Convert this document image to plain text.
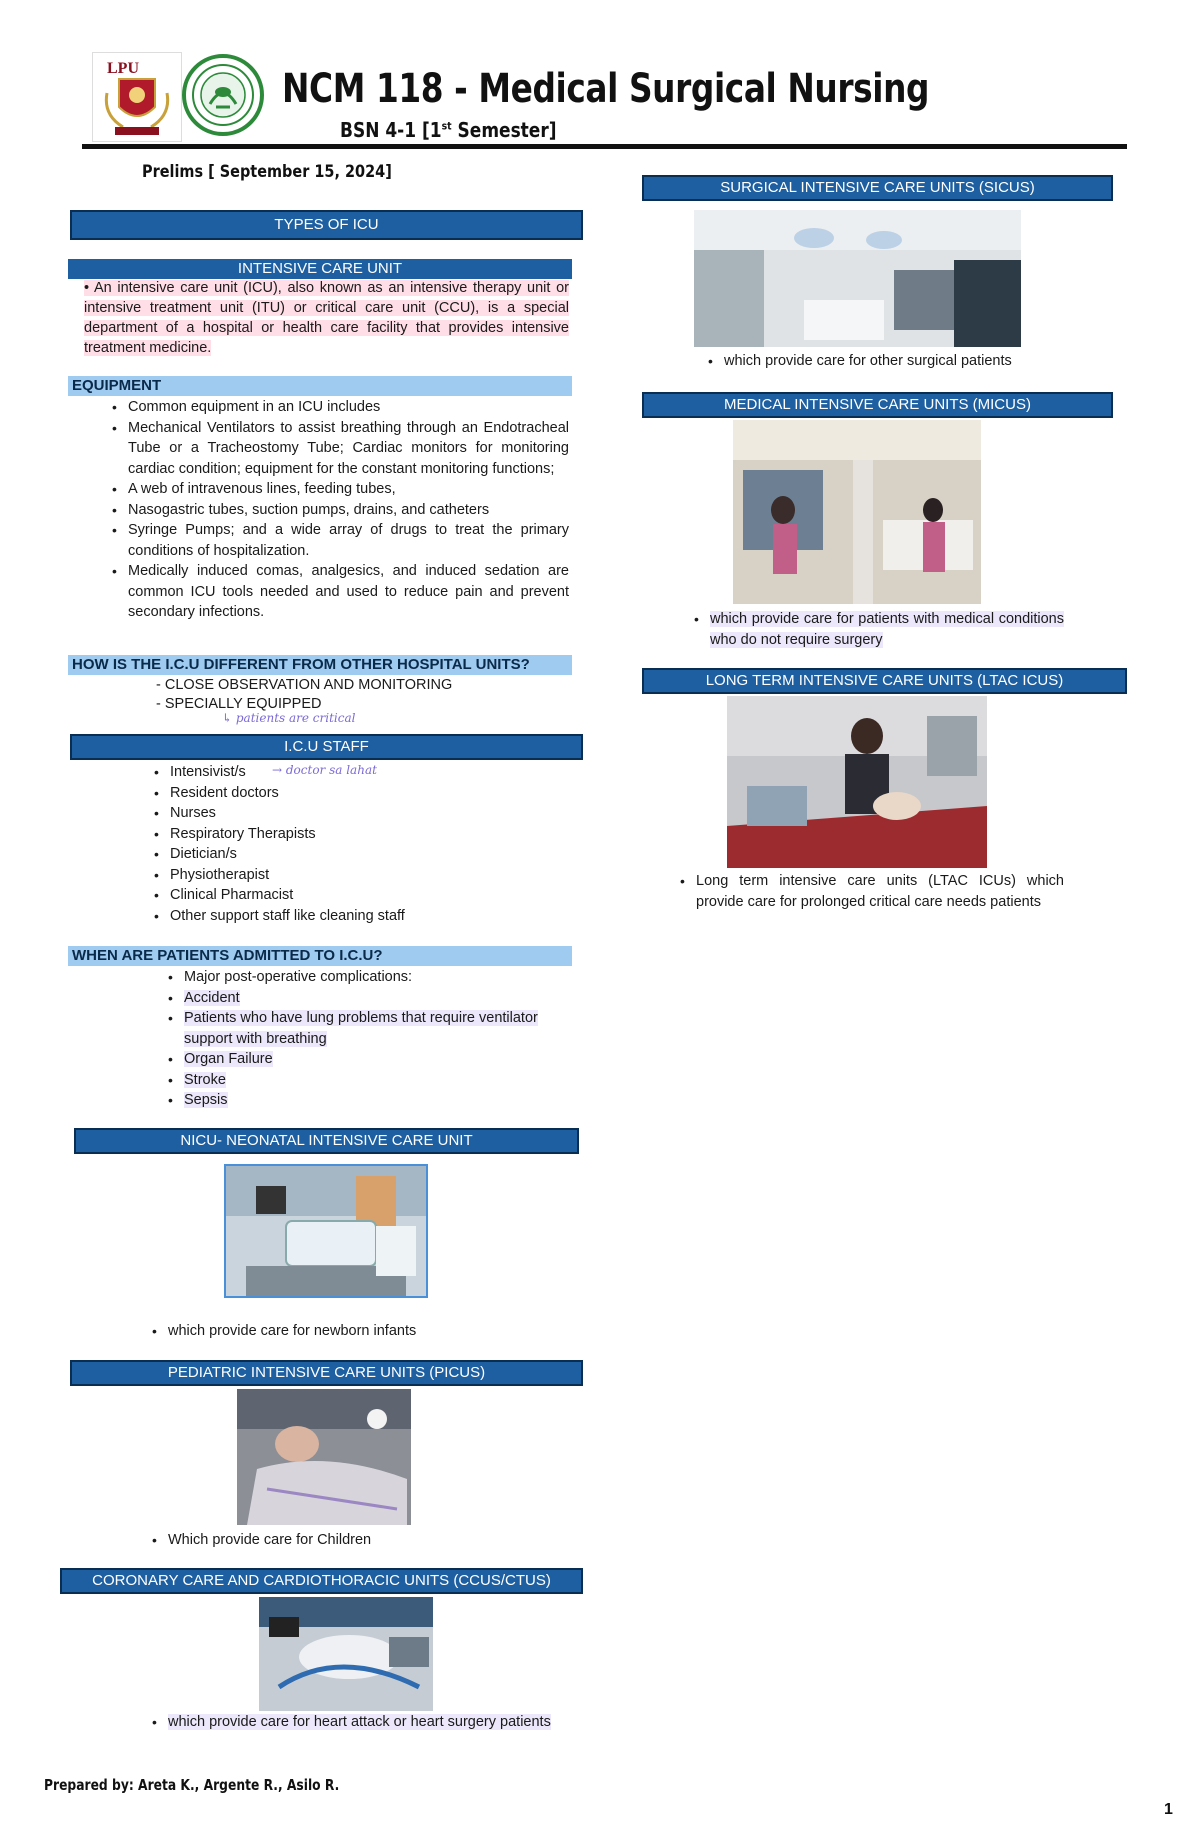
LPU	NCM 118 - Medical Surgical Nursing
BSN 4-1 [1st Semester]
Prelims [ September 15, 2024]
TYPES OF ICU
INTENSIVE CARE UNIT
• An intensive care unit (ICU), also known as an intensive therapy unit or intensive treatment unit (ITU) or critical care unit (CCU), is a special department of a hospital or health care facility that provides intensive treatment medicine.
EQUIPMENT
• Common equipment in an ICU includes
• Mechanical Ventilators to assist breathing through an Endotracheal Tube or a Tracheostomy Tube; Cardiac monitors for monitoring cardiac condition; equipment for the constant monitoring functions;
• A web of intravenous lines, feeding tubes,
• Nasogastric tubes, suction pumps, drains, and catheters
• Syringe Pumps; and a wide array of drugs to treat the primary conditions of hospitalization.
• Medically induced comas, analgesics, and induced sedation are common ICU tools needed and used to reduce pain and prevent secondary infections.
HOW IS THE I.C.U DIFFERENT FROM OTHER HOSPITAL UNITS?
- CLOSE OBSERVATION AND MONITORING
- SPECIALLY EQUIPPED
↳ patients are critical
I.C.U STAFF
• Intensivist/s
• Resident doctors
• Nurses
• Respiratory Therapists
• Dietician/s
• Physiotherapist
• Clinical Pharmacist
• Other support staff like cleaning staff
→ doctor sa lahat
WHEN ARE PATIENTS ADMITTED TO I.C.U?
• Major post-operative complications:
• Accident
• Patients who have lung problems that require ventilator support with breathing
• Organ Failure
• Stroke
• Sepsis
NICU- NEONATAL INTENSIVE CARE UNIT
• which provide care for newborn infants
PEDIATRIC INTENSIVE CARE UNITS (PICUS)
• Which provide care for Children
CORONARY CARE AND CARDIOTHORACIC UNITS (CCUS/CTUS)
• which provide care for heart attack or heart surgery patients
SURGICAL INTENSIVE CARE UNITS (SICUS)
• which provide care for other surgical patients
MEDICAL INTENSIVE CARE UNITS (MICUS)
• which provide care for patients with medical conditions who do not require surgery
LONG TERM INTENSIVE CARE UNITS (LTAC ICUS)
• Long term intensive care units (LTAC ICUs) which provide care for prolonged critical care needs patients
Prepared by: Areta K., Argente R., Asilo R.
1
